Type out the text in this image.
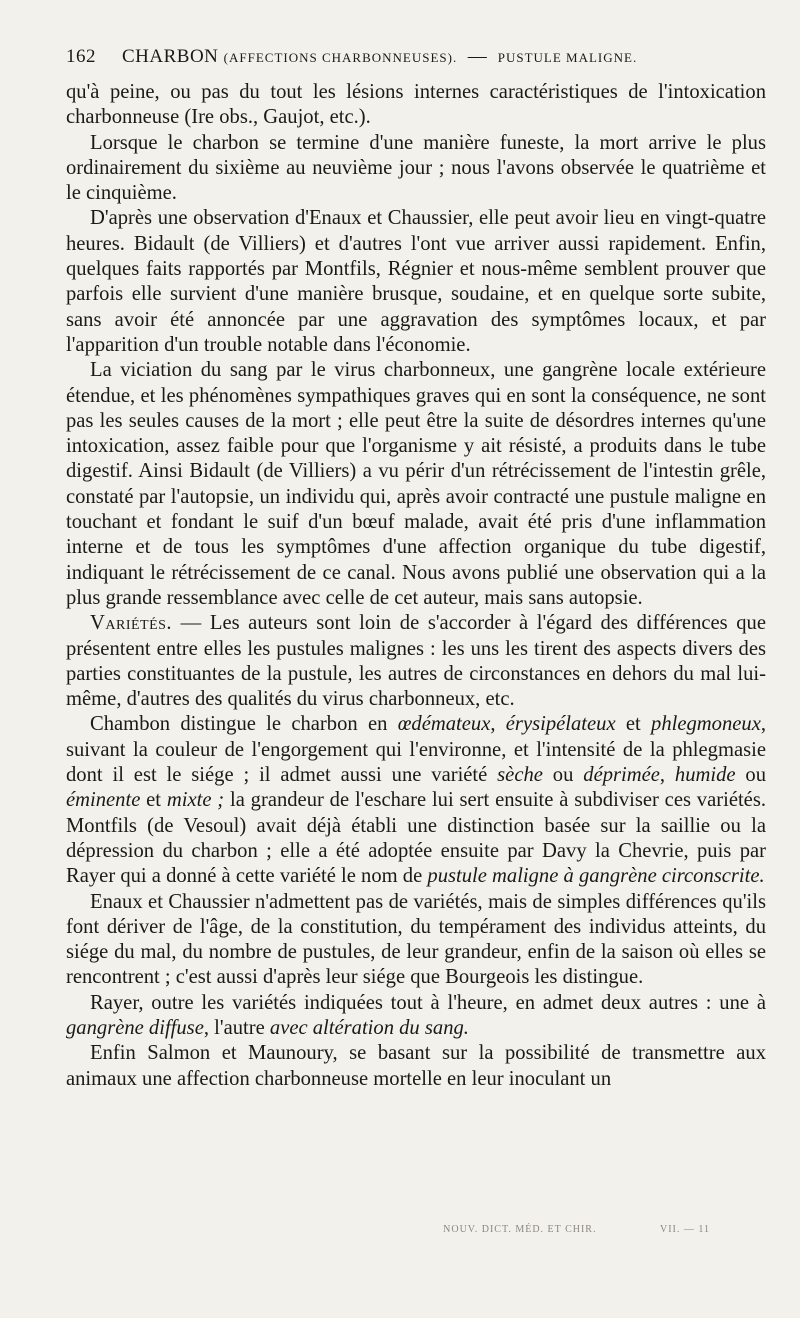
162 CHARBON
(AFFECTIONS CHARBONNEUSES).
—
PUSTULE MALIGNE.

qu'à peine, ou pas du tout les lésions internes caractéristiques de l'intoxication charbonneuse (Ire obs., Gaujot, etc.).

Lorsque le charbon se termine d'une manière funeste, la mort arrive le plus ordinairement du sixième au neuvième jour ; nous l'avons observée le quatrième et le cinquième.

D'après une observation d'Enaux et Chaussier, elle peut avoir lieu en vingt-quatre heures. Bidault (de Villiers) et d'autres l'ont vue arriver aussi rapidement. Enfin, quelques faits rapportés par Montfils, Régnier et nous-même semblent prouver que parfois elle survient d'une manière brusque, soudaine, et en quelque sorte subite, sans avoir été annoncée par une aggravation des symptômes locaux, et par l'apparition d'un trouble notable dans l'économie.

La viciation du sang par le virus charbonneux, une gangrène locale extérieure étendue, et les phénomènes sympathiques graves qui en sont la conséquence, ne sont pas les seules causes de la mort ; elle peut être la suite de désordres internes qu'une intoxication, assez faible pour que l'organisme y ait résisté, a produits dans le tube digestif. Ainsi Bidault (de Villiers) a vu périr d'un rétrécissement de l'intestin grêle, constaté par l'autopsie, un individu qui, après avoir contracté une pustule maligne en touchant et fondant le suif d'un bœuf malade, avait été pris d'une inflammation interne et de tous les symptômes d'une affection organique du tube digestif, indiquant le rétrécissement de ce canal. Nous avons publié une observation qui a la plus grande ressemblance avec celle de cet auteur, mais sans autopsie.

Variétés. — Les auteurs sont loin de s'accorder à l'égard des différences que présentent entre elles les pustules malignes : les uns les tirent des aspects divers des parties constituantes de la pustule, les autres de circonstances en dehors du mal lui-même, d'autres des qualités du virus charbonneux, etc.

Chambon distingue le charbon en œdémateux, érysipélateux et phlegmoneux, suivant la couleur de l'engorgement qui l'environne, et l'intensité de la phlegmasie dont il est le siége ; il admet aussi une variété sèche ou déprimée, humide ou éminente et mixte ; la grandeur de l'eschare lui sert ensuite à subdiviser ces variétés. Montfils (de Vesoul) avait déjà établi une distinction basée sur la saillie ou la dépression du charbon ; elle a été adoptée ensuite par Davy la Chevrie, puis par Rayer qui a donné à cette variété le nom de pustule maligne à gangrène circonscrite.

Enaux et Chaussier n'admettent pas de variétés, mais de simples différences qu'ils font dériver de l'âge, de la constitution, du tempérament des individus atteints, du siége du mal, du nombre de pustules, de leur grandeur, enfin de la saison où elles se rencontrent ; c'est aussi d'après leur siége que Bourgeois les distingue.

Rayer, outre les variétés indiquées tout à l'heure, en admet deux autres : une à gangrène diffuse, l'autre avec altération du sang.

Enfin Salmon et Maunoury, se basant sur la possibilité de transmettre aux animaux une affection charbonneuse mortelle en leur inoculant un

NOUV. DICT. MÉD. ET CHIR.	VII. — 11
